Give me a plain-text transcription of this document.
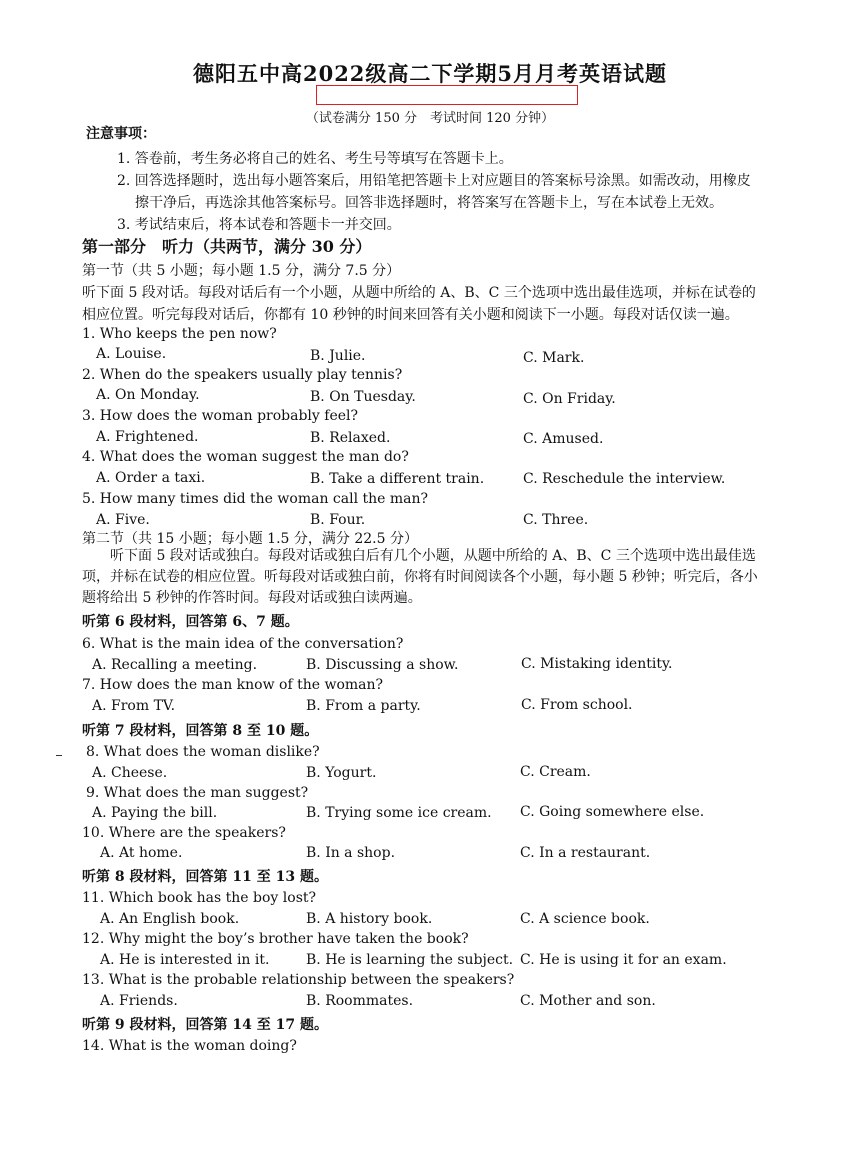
德阳五中高2022级高二下学期5月月考英语试题
（试卷满分 150 分　考试时间 120 分钟）
注意事项：
1. 答卷前，考生务必将自己的姓名、考生号等填写在答题卡上。
2. 回答选择题时，选出每小题答案后，用铅笔把答题卡上对应题目的答案标号涂黑。如需改动，用橡皮
擦干净后，再选涂其他答案标号。回答非选择题时，将答案写在答题卡上，写在本试卷上无效。
3. 考试结束后，将本试卷和答题卡一并交回。
第一部分　听力（共两节，满分 30 分）
第一节（共 5 小题；每小题 1.5 分，满分 7.5 分）
听下面 5 段对话。每段对话后有一个小题，从题中所给的 A、B、C 三个选项中选出最佳选项，并标在试卷的
相应位置。听完每段对话后，你都有 10 秒钟的时间来回答有关小题和阅读下一小题。每段对话仅读一遍。
1. Who keeps the pen now?
A. Louise.	B. Julie.	C. Mark.
2. When do the speakers usually play tennis?
A. On Monday.	B. On Tuesday.	C. On Friday.
3. How does the woman probably feel?
A. Frightened.	B. Relaxed.	C. Amused.
4. What does the woman suggest the man do?
A. Order a taxi.	B. Take a different train.	C. Reschedule the interview.
5. How many times did the woman call the man?
A. Five.	B. Four.	C. Three.
第二节（共 15 小题；每小题 1.5 分，满分 22.5 分）
听下面 5 段对话或独白。每段对话或独白后有几个小题，从题中所给的 A、B、C 三个选项中选出最佳选
项，并标在试卷的相应位置。听每段对话或独白前，你将有时间阅读各个小题，每小题 5 秒钟；听完后，各小
题将给出 5 秒钟的作答时间。每段对话或独白读两遍。
听第 6 段材料，回答第 6、7 题。
6. What is the main idea of the conversation?
A. Recalling a meeting.	B. Discussing a show.	C. Mistaking identity.
7. How does the man know of the woman?
A. From TV.	B. From a party.	C. From school.
听第 7 段材料，回答第 8 至 10 题。
8. What does the woman dislike?
A. Cheese.	B. Yogurt.	C. Cream.
9. What does the man suggest?
A. Paying the bill.	B. Trying some ice cream. C. Going somewhere else.
10. Where are the speakers?
A. At home.	B. In a shop.	C. In a restaurant.
听第 8 段材料，回答第 11 至 13 题。
11. Which book has the boy lost?
A. An English book.	B. A history book.	C. A science book.
12. Why might the boy’s brother have taken the book?
A. He is interested in it.	B. He is learning the subject. C. He is using it for an exam.
13. What is the probable relationship between the speakers?
A. Friends.	B. Roommates.	C. Mother and son.
听第 9 段材料，回答第 14 至 17 题。
14. What is the woman doing?
